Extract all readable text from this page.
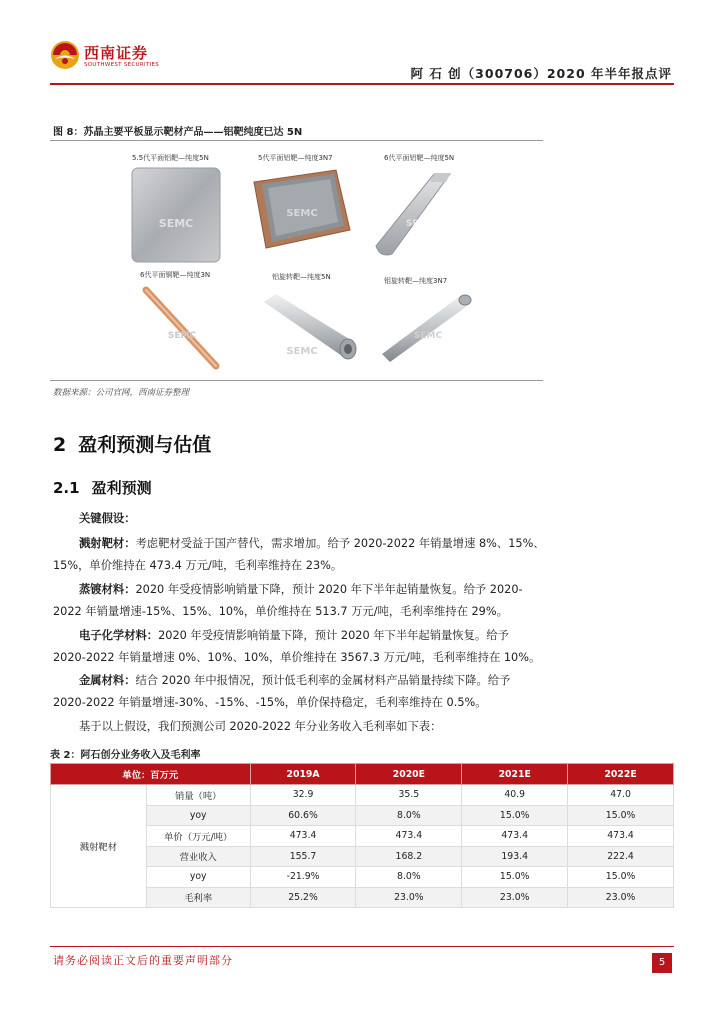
西南证券
SOUTHWEST SECURITIES
阿 石 创（300706）2020 年半年报点评
图 8：苏晶主要平板显示靶材产品——铝靶纯度已达 5N
5.5代平面铝靶—纯度5N
SEMC
5代平面铝靶—纯度3N7
SEMC
6代平面铝靶—纯度5N
SEMC
6代平面铜靶—纯度3N
SEMC
铝旋转靶—纯度5N
SEMC
钼旋转靶—纯度3N7
SEMC
数据来源：公司官网，西南证券整理
2 盈利预测与估值
2.1 盈利预测
关键假设：
溅射靶材：考虑靶材受益于国产替代，需求增加。给予 2020-2022 年销量增速 8%、15%、15%，单价维持在 473.4 万元/吨，毛利率维持在 23%。
蒸镀材料：2020 年受疫情影响销量下降，预计 2020 年下半年起销量恢复。给予 2020-2022 年销量增速-15%、15%、10%，单价维持在 513.7 万元/吨，毛利率维持在 29%。
电子化学材料：2020 年受疫情影响销量下降，预计 2020 年下半年起销量恢复。给予 2020-2022 年销量增速 0%、10%、10%，单价维持在 3567.3 万元/吨，毛利率维持在 10%。
金属材料：结合 2020 年中报情况，预计低毛利率的金属材料产品销量持续下降。给予 2020-2022 年销量增速-30%、-15%、-15%，单价保持稳定，毛利率维持在 0.5%。
基于以上假设，我们预测公司 2020-2022 年分业务收入毛利率如下表：
表 2：阿石创分业务收入及毛利率
单位：百万元		2019A	2020E	2021E	2022E
溅射靶材	销量（吨）	32.9	35.5	40.9	47.0
	yoy	60.6%	8.0%	15.0%	15.0%
	单价（万元/吨）	473.4	473.4	473.4	473.4
	营业收入	155.7	168.2	193.4	222.4
	yoy	-21.9%	8.0%	15.0%	15.0%
	毛利率	25.2%	23.0%	23.0%	23.0%
请务必阅读正文后的重要声明部分	5
